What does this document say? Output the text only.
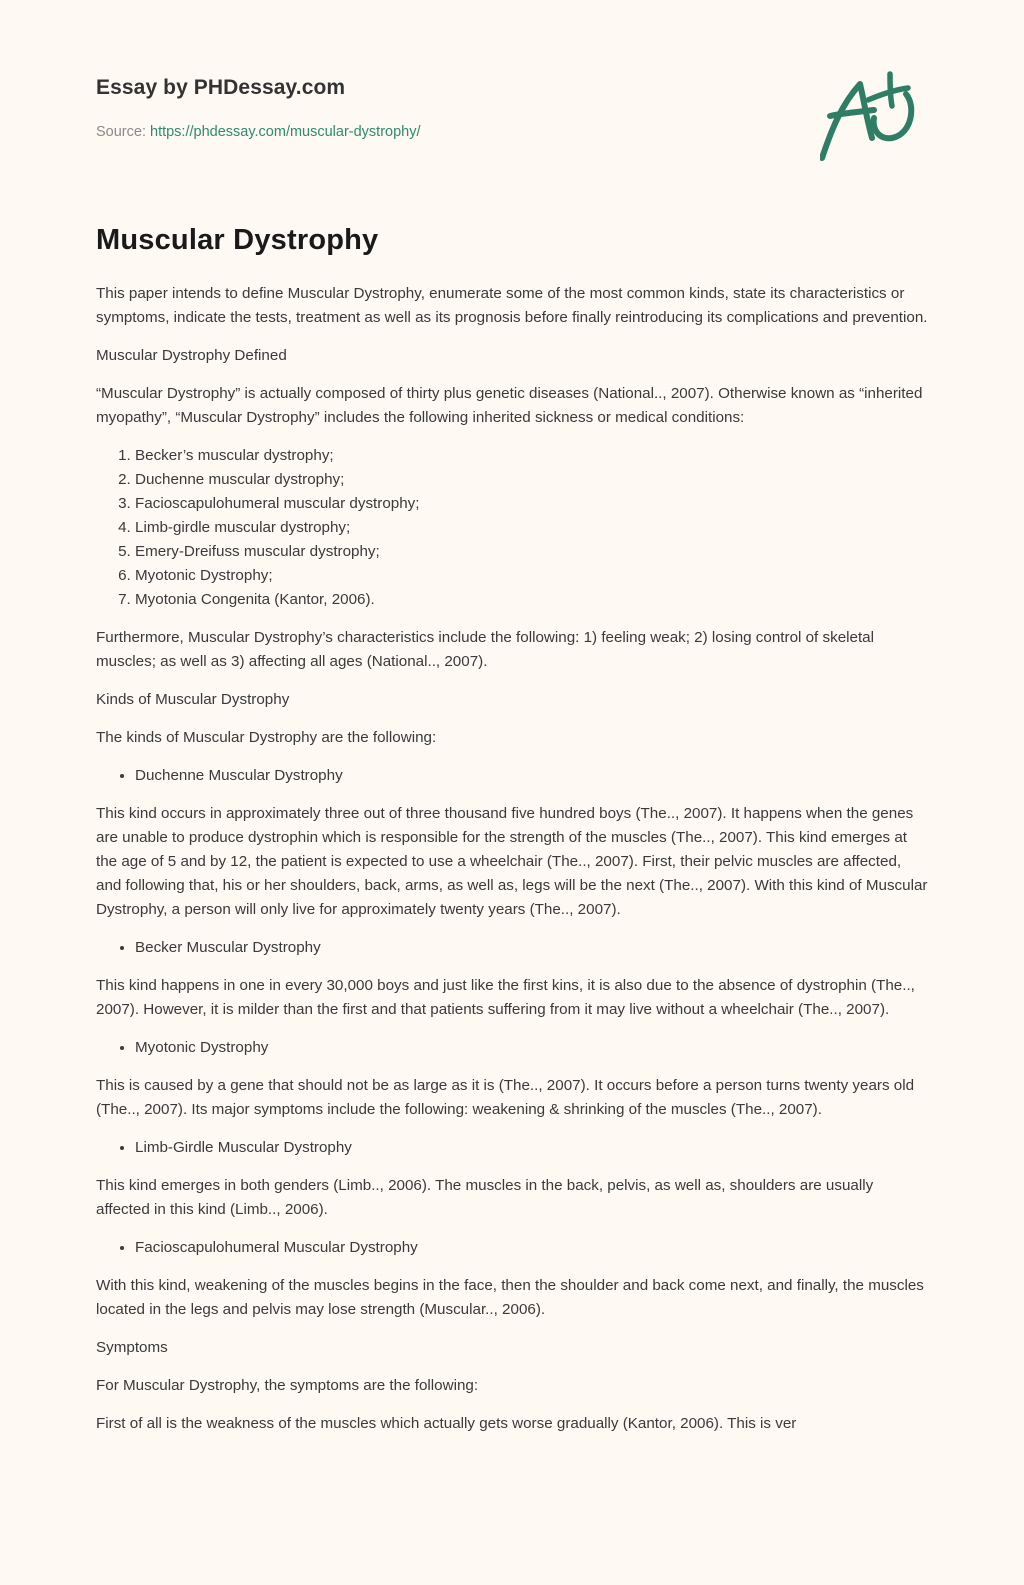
Essay by PHDessay.com
Source: https://phdessay.com/muscular-dystrophy/
Muscular Dystrophy

This paper intends to define Muscular Dystrophy, enumerate some of the most common kinds, state its characteristics or symptoms, indicate the tests, treatment as well as its prognosis before finally reintroducing its complications and prevention.

Muscular Dystrophy Defined

“Muscular Dystrophy” is actually composed of thirty plus genetic diseases (National.., 2007). Otherwise known as “inherited myopathy”, “Muscular Dystrophy” includes the following inherited sickness or medical conditions:

1. Becker’s muscular dystrophy;
2. Duchenne muscular dystrophy;
3. Facioscapulohumeral muscular dystrophy;
4. Limb-girdle muscular dystrophy;
5. Emery-Dreifuss muscular dystrophy;
6. Myotonic Dystrophy;
7. Myotonia Congenita (Kantor, 2006).

Furthermore, Muscular Dystrophy’s characteristics include the following: 1) feeling weak; 2) losing control of skeletal muscles; as well as 3) affecting all ages (National.., 2007).

Kinds of Muscular Dystrophy

The kinds of Muscular Dystrophy are the following:

• Duchenne Muscular Dystrophy

This kind occurs in approximately three out of three thousand five hundred boys (The.., 2007). It happens when the genes are unable to produce dystrophin which is responsible for the strength of the muscles (The.., 2007). This kind emerges at the age of 5 and by 12, the patient is expected to use a wheelchair (The.., 2007). First, their pelvic muscles are affected, and following that, his or her shoulders, back, arms, as well as, legs will be the next (The.., 2007). With this kind of Muscular Dystrophy, a person will only live for approximately twenty years (The.., 2007).

• Becker Muscular Dystrophy

This kind happens in one in every 30,000 boys and just like the first kins, it is also due to the absence of dystrophin (The.., 2007). However, it is milder than the first and that patients suffering from it may live without a wheelchair (The.., 2007).

• Myotonic Dystrophy

This is caused by a gene that should not be as large as it is (The.., 2007). It occurs before a person turns twenty years old (The.., 2007). Its major symptoms include the following: weakening & shrinking of the muscles (The.., 2007).

• Limb-Girdle Muscular Dystrophy

This kind emerges in both genders (Limb.., 2006). The muscles in the back, pelvis, as well as, shoulders are usually affected in this kind (Limb.., 2006).

• Facioscapulohumeral Muscular Dystrophy

With this kind, weakening of the muscles begins in the face, then the shoulder and back come next, and finally, the muscles located in the legs and pelvis may lose strength (Muscular.., 2006).

Symptoms

For Muscular Dystrophy, the symptoms are the following:

First of all is the weakness of the muscles which actually gets worse gradually (Kantor, 2006). This is ver
